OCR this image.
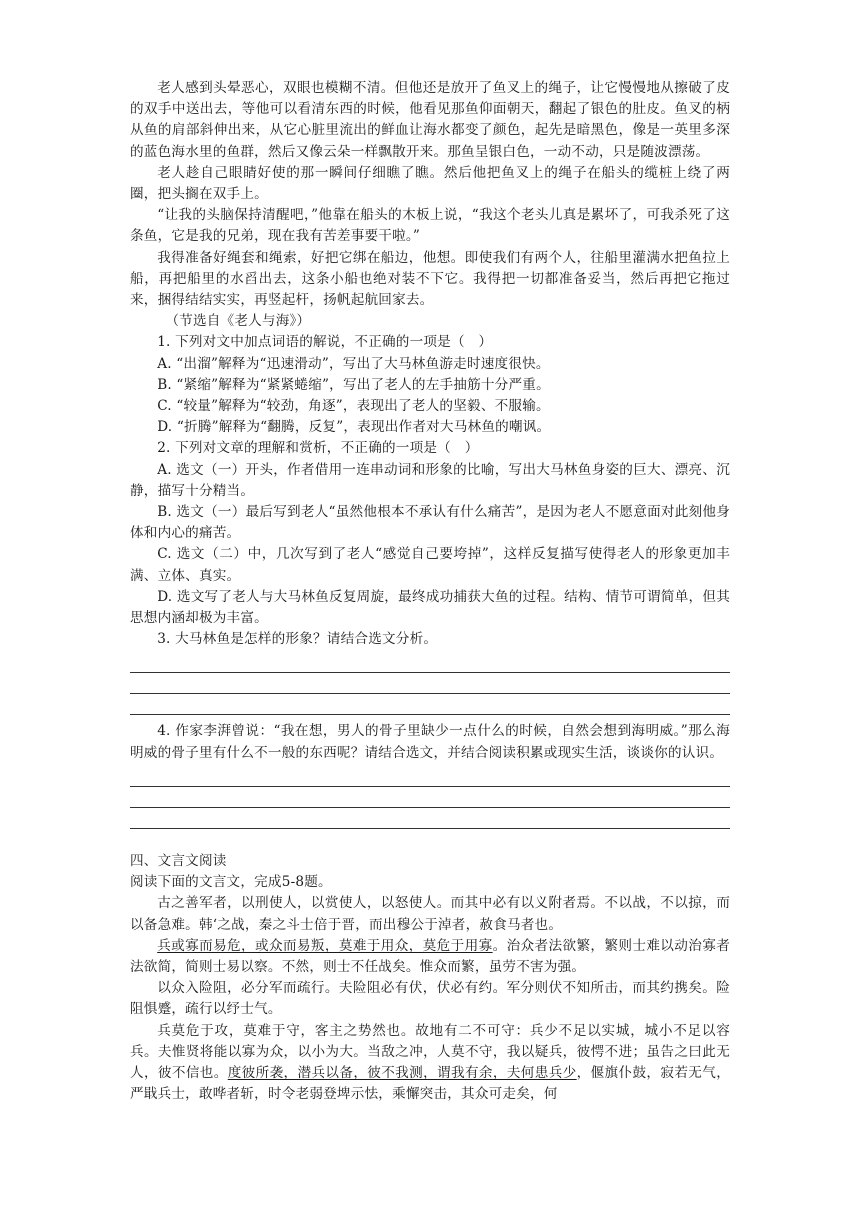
老人感到头晕恶心，双眼也模糊不清。但他还是放开了鱼叉上的绳子，让它慢慢地从擦破了皮的双手中送出去，等他可以看清东西的时候，他看见那鱼仰面朝天，翻起了银色的肚皮。鱼叉的柄从鱼的肩部斜伸出来，从它心脏里流出的鲜血让海水都变了颜色，起先是暗黑色，像是一英里多深的蓝色海水里的鱼群，然后又像云朵一样飘散开来。那鱼呈银白色，一动不动，只是随波漂荡。

老人趁自己眼睛好使的那一瞬间仔细瞧了瞧。然后他把鱼叉上的绳子在船头的缆桩上绕了两圈，把头搁在双手上。

“让我的头脑保持清醒吧，”他靠在船头的木板上说，“我这个老头儿真是累坏了，可我杀死了这条鱼，它是我的兄弟，现在我有苦差事要干啦。”

我得准备好绳套和绳索，好把它绑在船边，他想。即使我们有两个人，往船里灌满水把鱼拉上船，再把船里的水舀出去，这条小船也绝对装不下它。我得把一切都准备妥当，然后再把它拖过来，捆得结结实实，再竖起杆，扬帆起航回家去。

（节选自《老人与海》）

1. 下列对文中加点词语的解说，不正确的一项是（　）

A. “出溜”解释为“迅速滑动”，写出了大马林鱼游走时速度很快。

B. “紧缩”解释为“紧紧蜷缩”，写出了老人的左手抽筋十分严重。

C. “较量”解释为“较劲，角逐”，表现出了老人的坚毅、不服输。

D. “折腾”解释为“翻腾，反复”，表现出作者对大马林鱼的嘲讽。

2. 下列对文章的理解和赏析，不正确的一项是（　）

A. 选文（一）开头，作者借用一连串动词和形象的比喻，写出大马林鱼身姿的巨大、漂亮、沉静，描写十分精当。

B. 选文（一）最后写到老人“虽然他根本不承认有什么痛苦”，是因为老人不愿意面对此刻他身体和内心的痛苦。

C. 选文（二）中，几次写到了老人“感觉自己要垮掉”，这样反复描写使得老人的形象更加丰满、立体、真实。

D. 选文写了老人与大马林鱼反复周旋，最终成功捕获大鱼的过程。结构、情节可谓简单，但其思想内涵却极为丰富。

3. 大马林鱼是怎样的形象？请结合选文分析。

4. 作家李湃曾说：“我在想，男人的骨子里缺少一点什么的时候，自然会想到海明威。”那么海明威的骨子里有什么不一般的东西呢？请结合选文，并结合阅读积累或现实生活，谈谈你的认识。

四、文言文阅读

阅读下面的文言文，完成5-8题。

古之善军者，以刑使人，以赏使人，以怒使人。而其中必有以义附者焉。不以战，不以掠，而以备急难。韩‘之战，秦之斗士倍于晋，而出穆公于淖者，赦食马者也。

兵或寡而易危，或众而易叛，莫难于用众，莫危于用寡。治众者法欲繁，繁则士难以动治寡者法欲简，简则士易以察。不然，则士不任战矣。惟众而繁，虽劳不害为强。

以众入险阻，必分军而疏行。夫险阻必有伏，伏必有约。军分则伏不知所击，而其约携矣。险阻惧蹙，疏行以纾士气。

兵莫危于攻，莫难于守，客主之势然也。故地有二不可守：兵少不足以实城，城小不足以容兵。夫惟贤将能以寡为众，以小为大。当敌之冲，人莫不守，我以疑兵，彼愕不进；虽告之曰此无人，彼不信也。度彼所袭，潜兵以备，彼不我测，谓我有余，夫何患兵少，偃旗仆鼓，寂若无气，严戢兵士，敢哗者斩，时令老弱登埤示怯，乘懈突击，其众可走矣，何
